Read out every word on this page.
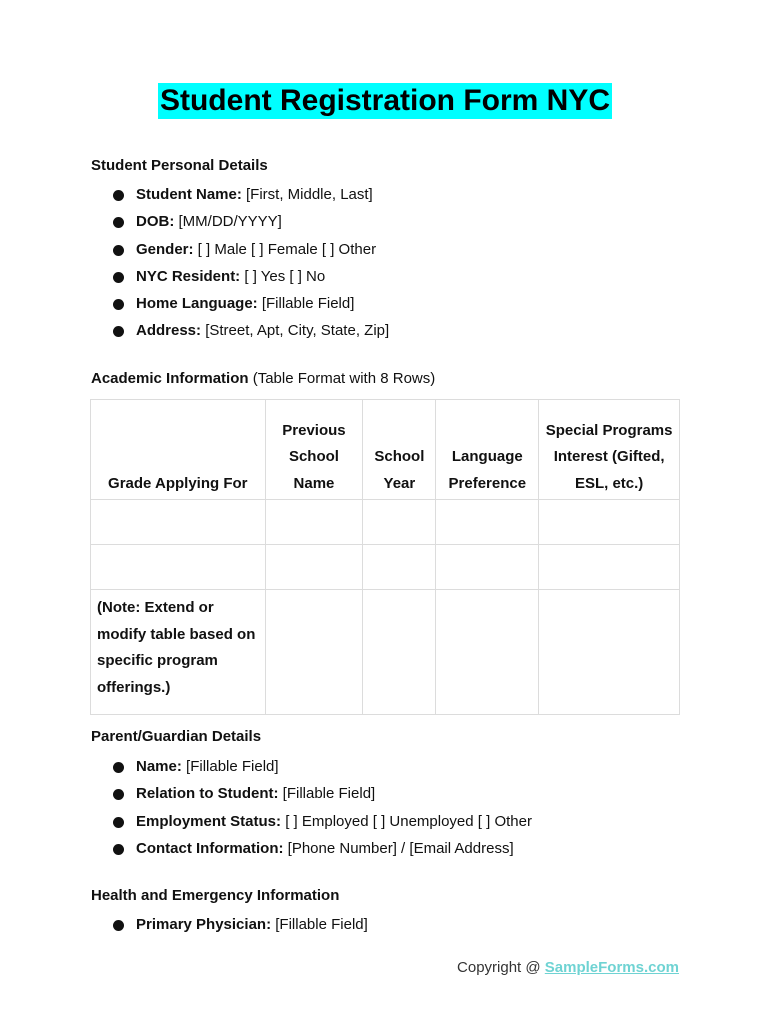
Student Registration Form NYC
Student Personal Details
Student Name: [First, Middle, Last]
DOB: [MM/DD/YYYY]
Gender: [ ] Male [ ] Female [ ] Other
NYC Resident: [ ] Yes [ ] No
Home Language: [Fillable Field]
Address: [Street, Apt, City, State, Zip]
Academic Information (Table Format with 8 Rows)
Grade Applying For	Previous School Name	School Year	Language Preference	Special Programs Interest (Gifted, ESL, etc.)

(Note: Extend or modify table based on specific program offerings.)				

Parent/Guardian Details
Name: [Fillable Field]
Relation to Student: [Fillable Field]
Employment Status: [ ] Employed [ ] Unemployed [ ] Other
Contact Information: [Phone Number] / [Email Address]
Health and Emergency Information
Primary Physician: [Fillable Field]
Copyright @ SampleForms.com
